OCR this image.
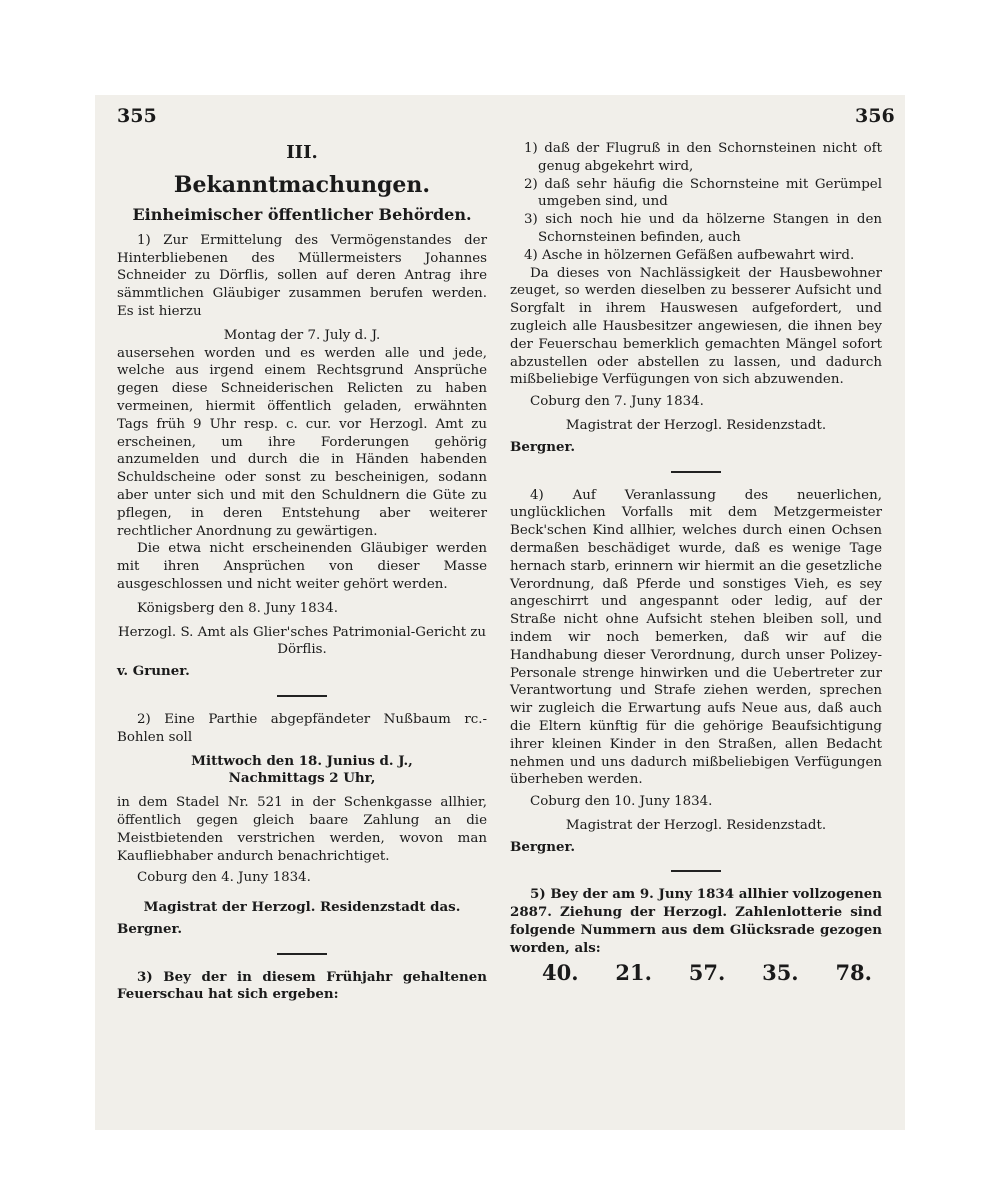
355	356
III.
Bekanntmachungen.
Einheimischer öffentlicher Behörden.

1) Zur Ermittelung des Vermögenstandes der Hinterbliebenen des Müllermeisters Johannes Schneider zu Dörflis, sollen auf deren Antrag ihre sämmtlichen Gläubiger zusammen berufen werden. Es ist hierzu

Montag der 7. July d. J.

ausersehen worden und es werden alle und jede, welche aus irgend einem Rechtsgrund Ansprüche gegen diese Schneiderischen Relicten zu haben vermeinen, hiermit öffentlich geladen, erwähnten Tags früh 9 Uhr resp. c. cur. vor Herzogl. Amt zu erscheinen, um ihre Forderungen gehörig anzumelden und durch die in Händen habenden Schuldscheine oder sonst zu bescheinigen, sodann aber unter sich und mit den Schuldnern die Güte zu pflegen, in deren Entstehung aber weiterer rechtlicher Anordnung zu gewärtigen.

Die etwa nicht erscheinenden Gläubiger werden mit ihren Ansprüchen von dieser Masse ausgeschlossen und nicht weiter gehört werden.

Königsberg den 8. Juny 1834.

Herzogl. S. Amt als Glier'sches Patrimonial-Gericht zu Dörflis.

v. Gruner.

2) Eine Parthie abgepfändeter Nußbaum rc.-Bohlen soll

Mittwoch den 18. Junius d. J.,

Nachmittags 2 Uhr,

in dem Stadel Nr. 521 in der Schenkgasse allhier, öffentlich gegen gleich baare Zahlung an die Meistbietenden verstrichen werden, wovon man Kaufliebhaber andurch benachrichtiget.

Coburg den 4. Juny 1834.

Magistrat der Herzogl. Residenzstadt das.

Bergner.

3) Bey der in diesem Frühjahr gehaltenen Feuerschau hat sich ergeben:

1) daß der Flugruß in den Schornsteinen nicht oft genug abgekehrt wird,

2) daß sehr häufig die Schornsteine mit Gerümpel umgeben sind, und

3) sich noch hie und da hölzerne Stangen in den Schornsteinen befinden, auch

4) Asche in hölzernen Gefäßen aufbewahrt wird.

Da dieses von Nachlässigkeit der Hausbewohner zeuget, so werden dieselben zu besserer Aufsicht und Sorgfalt in ihrem Hauswesen aufgefordert, und zugleich alle Hausbesitzer angewiesen, die ihnen bey der Feuerschau bemerklich gemachten Mängel sofort abzustellen oder abstellen zu lassen, und dadurch mißbeliebige Verfügungen von sich abzuwenden.

Coburg den 7. Juny 1834.

Magistrat der Herzogl. Residenzstadt.

Bergner.

4) Auf Veranlassung des neuerlichen, unglücklichen Vorfalls mit dem Metzgermeister Beck'schen Kind allhier, welches durch einen Ochsen dermaßen beschädiget wurde, daß es wenige Tage hernach starb, erinnern wir hiermit an die gesetzliche Verordnung, daß Pferde und sonstiges Vieh, es sey angeschirrt und angespannt oder ledig, auf der Straße nicht ohne Aufsicht stehen bleiben soll, und indem wir noch bemerken, daß wir auf die Handhabung dieser Verordnung, durch unser Polizey-Personale strenge hinwirken und die Uebertreter zur Verantwortung und Strafe ziehen werden, sprechen wir zugleich die Erwartung aufs Neue aus, daß auch die Eltern künftig für die gehörige Beaufsichtigung ihrer kleinen Kinder in den Straßen, allen Bedacht nehmen und uns dadurch mißbeliebigen Verfügungen überheben werden.

Coburg den 10. Juny 1834.

Magistrat der Herzogl. Residenzstadt.

Bergner.

5) Bey der am 9. Juny 1834 allhier vollzogenen 2887. Ziehung der Herzogl. Zahlenlotterie sind folgende Nummern aus dem Glücksrade gezogen worden, als:

40. 21. 57. 35. 78.
